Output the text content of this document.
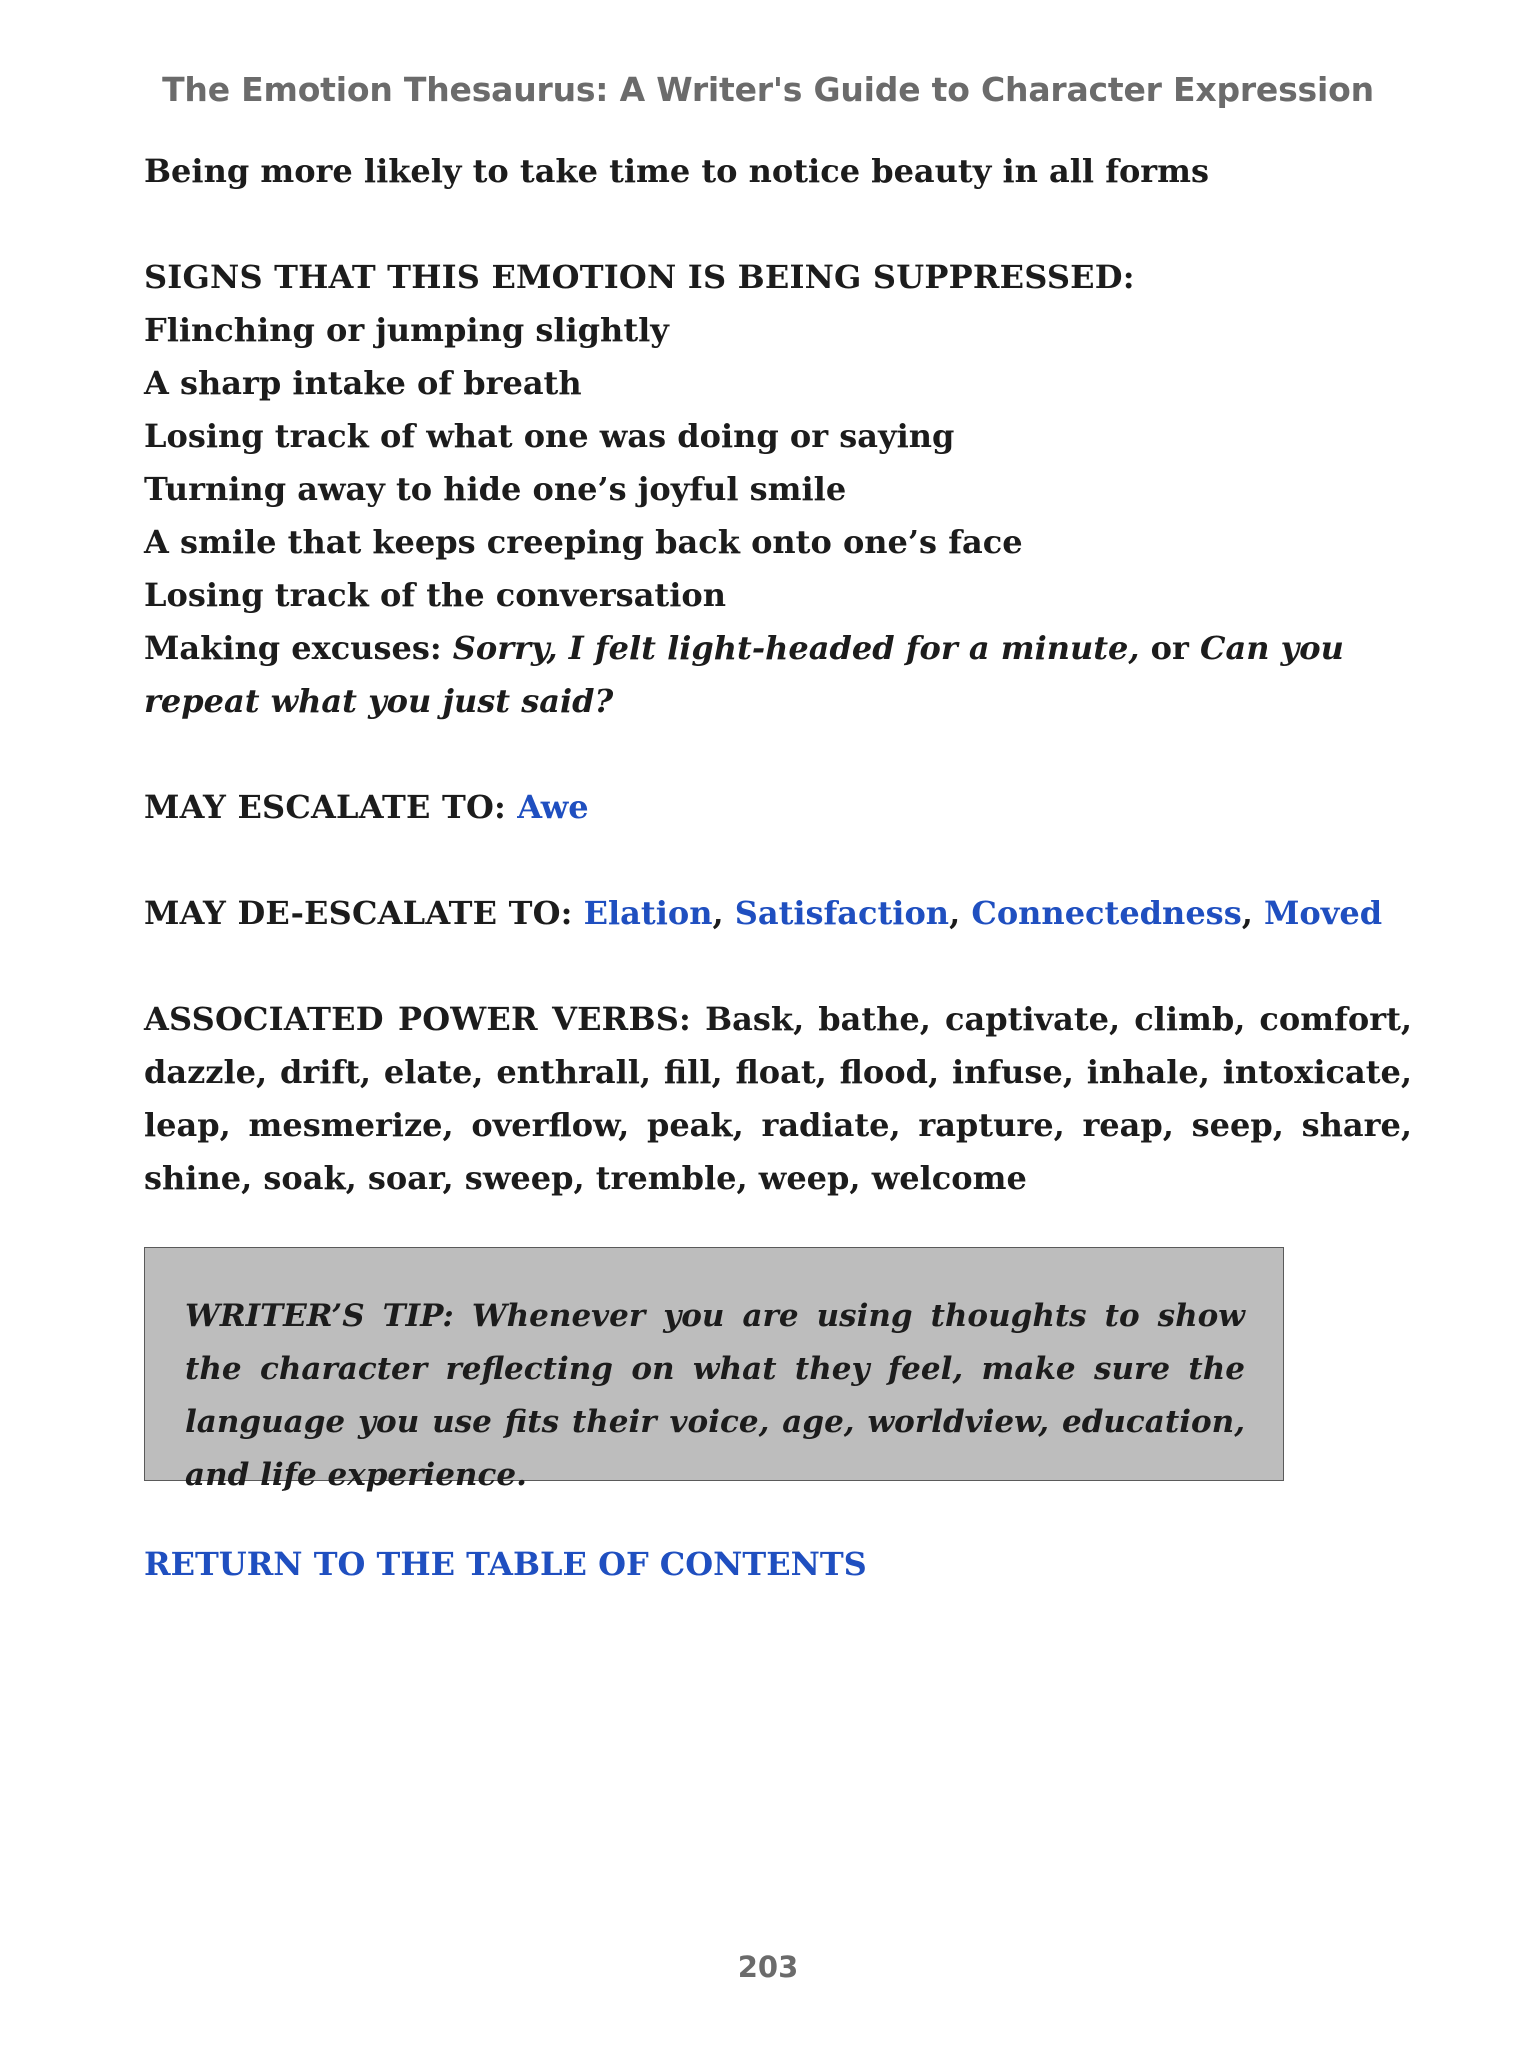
The Emotion Thesaurus: A Writer's Guide to Character Expression
Being more likely to take time to notice beauty in all forms
SIGNS THAT THIS EMOTION IS BEING SUPPRESSED:
Flinching or jumping slightly
A sharp intake of breath
Losing track of what one was doing or saying
Turning away to hide one’s joyful smile
A smile that keeps creeping back onto one’s face
Losing track of the conversation
Making excuses: Sorry, I felt light-headed for a minute, or Can you repeat what you just said?
MAY ESCALATE TO: Awe
MAY DE-ESCALATE TO: Elation, Satisfaction, Connectedness, Moved
ASSOCIATED POWER VERBS: Bask, bathe, captivate, climb, comfort, dazzle, drift, elate, enthrall, fill, float, flood, infuse, inhale, intoxicate, leap, mesmerize, overflow, peak, radiate, rapture, reap, seep, share, shine, soak, soar, sweep, tremble, weep, welcome
WRITER’S TIP: Whenever you are using thoughts to show the character reflecting on what they feel, make sure the language you use fits their voice, age, worldview, education, and life experience.
RETURN TO THE TABLE OF CONTENTS
203
